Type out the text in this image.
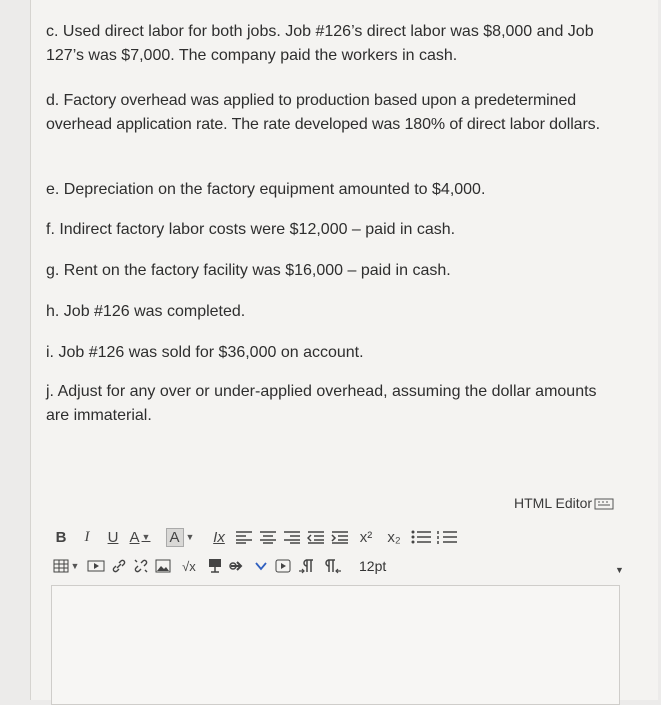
c. Used direct labor for both jobs. Job #126’s direct labor was $8,000 and Job 127’s was $7,000. The company paid the workers in cash.
d. Factory overhead was applied to production based upon a predetermined overhead application rate. The rate developed was 180% of direct labor dollars.
e. Depreciation on the factory equipment amounted to $4,000.
f. Indirect factory labor costs were $12,000 – paid in cash.
g. Rent on the factory facility was $16,000 – paid in cash.
h. Job #126 was completed.
i. Job #126 was sold for $36,000 on account.
j. Adjust for any over or under-applied overhead, assuming the dollar amounts are immaterial.
HTML Editor
B	I	U A ▼ A ▼ Ix	x²	x₂
▼	√x	12pt	▼
